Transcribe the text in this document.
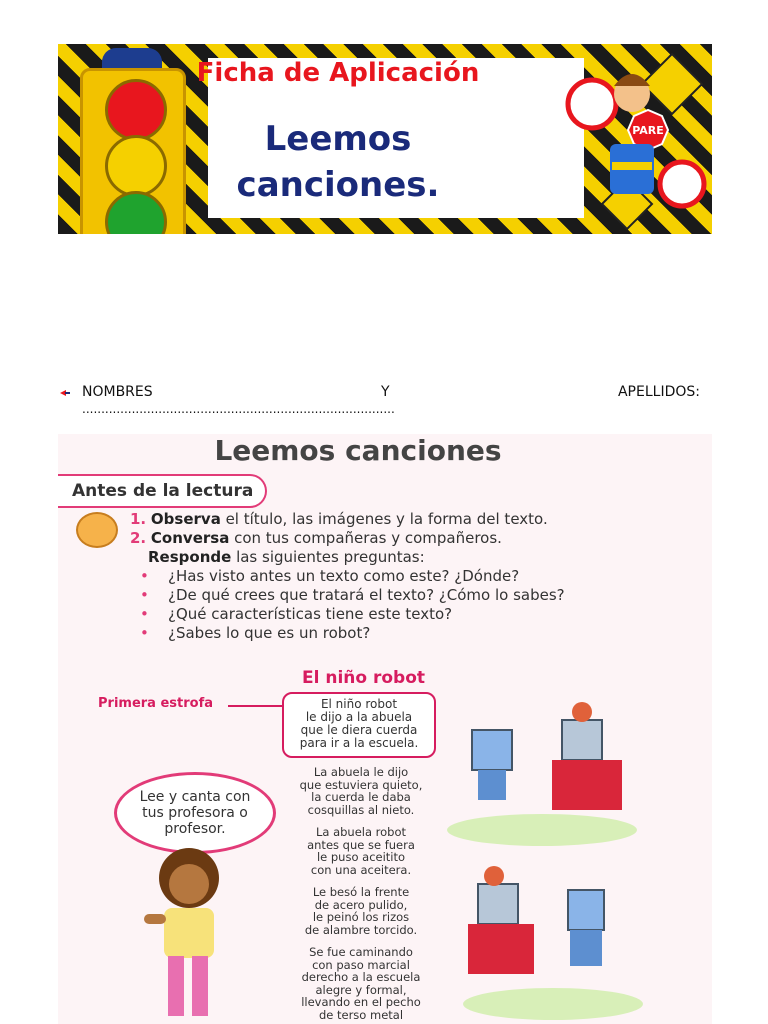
PARE
Ficha de Aplicación
Leemos
canciones.
NOMBRES	Y	APELLIDOS:
..................................................................................
Leemos canciones
Antes de la lectura
1. Observa el título, las imágenes y la forma del texto.
2. Conversa con tus compañeras y compañeros.
Responde las siguientes preguntas:
• ¿Has visto antes un texto como este? ¿Dónde?
• ¿De qué crees que tratará el texto? ¿Cómo lo sabes?
• ¿Qué características tiene este texto?
• ¿Sabes lo que es un robot?
El niño robot
Primera estrofa	El niño robot
le dijo a la abuela
que le diera cuerda
para ir a la escuela.
La abuela le dijo
que estuviera quieto,
la cuerda le daba
cosquillas al nieto.
La abuela robot
antes que se fuera
le puso aceitito
con una aceitera.
Le besó la frente
de acero pulido,
le peinó los rizos
de alambre torcido.
Se fue caminando
con paso marcial
derecho a la escuela
alegre y formal,
llevando en el pecho
de terso metal
Lee y canta con tus profesora o profesor.
